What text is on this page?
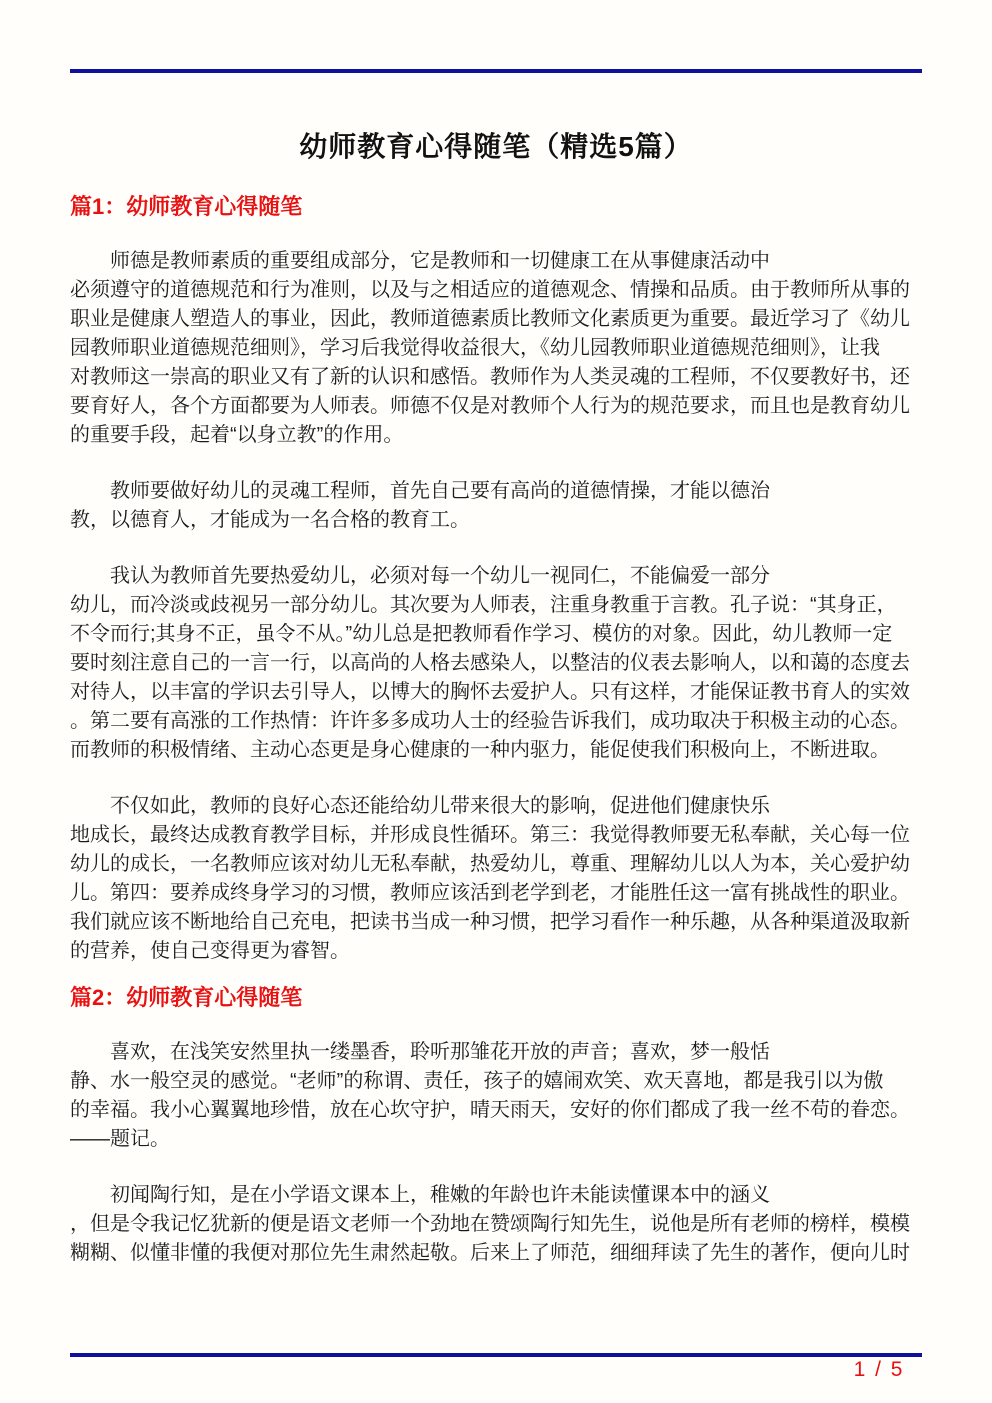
幼师教育心得随笔（精选5篇）
篇1：幼师教育心得随笔
师德是教师素质的重要组成部分，它是教师和一切健康工在从事健康活动中
必须遵守的道德规范和行为准则，以及与之相适应的道德观念、情操和品质。由于教师所从事的
职业是健康人塑造人的事业，因此，教师道德素质比教师文化素质更为重要。最近学习了《幼儿
园教师职业道德规范细则》，学习后我觉得收益很大，《幼儿园教师职业道德规范细则》，让我
对教师这一崇高的职业又有了新的认识和感悟。教师作为人类灵魂的工程师，不仅要教好书，还
要育好人，各个方面都要为人师表。师德不仅是对教师个人行为的规范要求，而且也是教育幼儿
的重要手段，起着“以身立教”的作用。
教师要做好幼儿的灵魂工程师，首先自己要有高尚的道德情操，才能以德治
教，以德育人，才能成为一名合格的教育工。
我认为教师首先要热爱幼儿，必须对每一个幼儿一视同仁，不能偏爱一部分
幼儿，而冷淡或歧视另一部分幼儿。其次要为人师表，注重身教重于言教。孔子说：“其身正，
不令而行;其身不正，虽令不从。”幼儿总是把教师看作学习、模仿的对象。因此，幼儿教师一定
要时刻注意自己的一言一行，以高尚的人格去感染人，以整洁的仪表去影响人，以和蔼的态度去
对待人，以丰富的学识去引导人，以博大的胸怀去爱护人。只有这样，才能保证教书育人的实效
。第二要有高涨的工作热情：许许多多成功人士的经验告诉我们，成功取决于积极主动的心态。
而教师的积极情绪、主动心态更是身心健康的一种内驱力，能促使我们积极向上，不断进取。
不仅如此，教师的良好心态还能给幼儿带来很大的影响，促进他们健康快乐
地成长，最终达成教育教学目标，并形成良性循环。第三：我觉得教师要无私奉献，关心每一位
幼儿的成长，一名教师应该对幼儿无私奉献，热爱幼儿，尊重、理解幼儿以人为本，关心爱护幼
儿。第四：要养成终身学习的习惯，教师应该活到老学到老，才能胜任这一富有挑战性的职业。
我们就应该不断地给自己充电，把读书当成一种习惯，把学习看作一种乐趣，从各种渠道汲取新
的营养，使自己变得更为睿智。
篇2：幼师教育心得随笔
喜欢，在浅笑安然里执一缕墨香，聆听那雏花开放的声音；喜欢，梦一般恬
静、水一般空灵的感觉。“老师”的称谓、责任，孩子的嬉闹欢笑、欢天喜地，都是我引以为傲
的幸福。我小心翼翼地珍惜，放在心坎守护，晴天雨天，安好的你们都成了我一丝不苟的眷恋。
——题记。
初闻陶行知，是在小学语文课本上，稚嫩的年龄也许未能读懂课本中的涵义
，但是令我记忆犹新的便是语文老师一个劲地在赞颂陶行知先生，说他是所有老师的榜样，模模
糊糊、似懂非懂的我便对那位先生肃然起敬。后来上了师范，细细拜读了先生的著作，便向儿时
1 / 5
